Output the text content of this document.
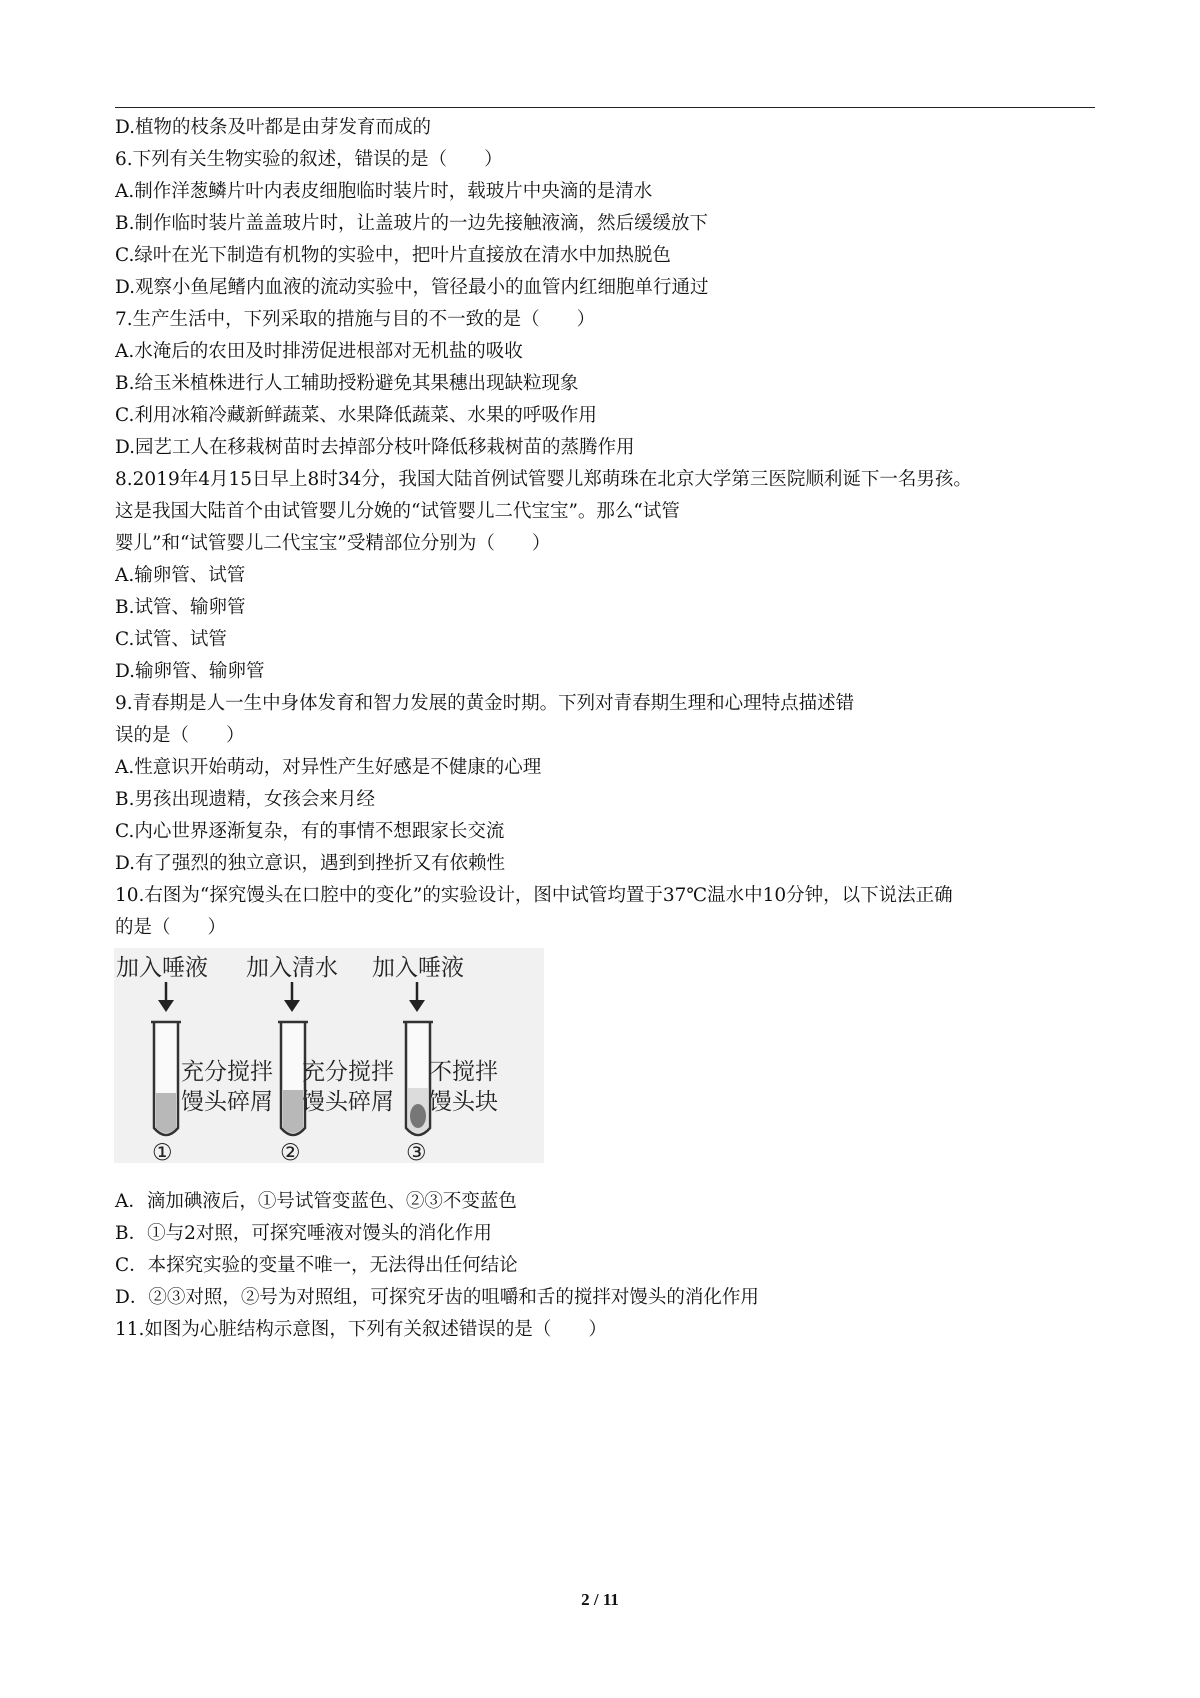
D.植物的枝条及叶都是由芽发育而成的
6.下列有关生物实验的叙述，错误的是（　　）
A.制作洋葱鳞片叶内表皮细胞临时装片时，载玻片中央滴的是清水
B.制作临时装片盖盖玻片时，让盖玻片的一边先接触液滴，然后缓缓放下
C.绿叶在光下制造有机物的实验中，把叶片直接放在清水中加热脱色
D.观察小鱼尾鳍内血液的流动实验中，管径最小的血管内红细胞单行通过
7.生产生活中，下列采取的措施与目的不一致的是（　　）
A.水淹后的农田及时排涝促进根部对无机盐的吸收
B.给玉米植株进行人工辅助授粉避免其果穗出现缺粒现象
C.利用冰箱冷藏新鲜蔬菜、水果降低蔬菜、水果的呼吸作用
D.园艺工人在移栽树苗时去掉部分枝叶降低移栽树苗的蒸腾作用
8.2019年4月15日早上8时34分，我国大陆首例试管婴儿郑萌珠在北京大学第三医院顺利诞下一名男孩。
这是我国大陆首个由试管婴儿分娩的“试管婴儿二代宝宝”。那么“试管
婴儿”和“试管婴儿二代宝宝”受精部位分别为（　　）
A.输卵管、试管
B.试管、输卵管
C.试管、试管
D.输卵管、输卵管
9.青春期是人一生中身体发育和智力发展的黄金时期。下列对青春期生理和心理特点描述错
误的是（　　）
A.性意识开始萌动，对异性产生好感是不健康的心理
B.男孩出现遗精，女孩会来月经
C.内心世界逐渐复杂，有的事情不想跟家长交流
D.有了强烈的独立意识，遇到到挫折又有依赖性
10.右图为“探究馒头在口腔中的变化”的实验设计，图中试管均置于37℃温水中10分钟，以下说法正确
的是（　　）
加入唾液
充分搅拌
馒头碎屑
①
加入清水
充分搅拌
馒头碎屑
②
加入唾液
不搅拌
馒头块
③
A．滴加碘液后，①号试管变蓝色、②③不变蓝色
B．①与2对照，可探究唾液对馒头的消化作用
C．本探究实验的变量不唯一，无法得出任何结论
D．②③对照，②号为对照组，可探究牙齿的咀嚼和舌的搅拌对馒头的消化作用
11.如图为心脏结构示意图，下列有关叙述错误的是（　　）
2 / 11
